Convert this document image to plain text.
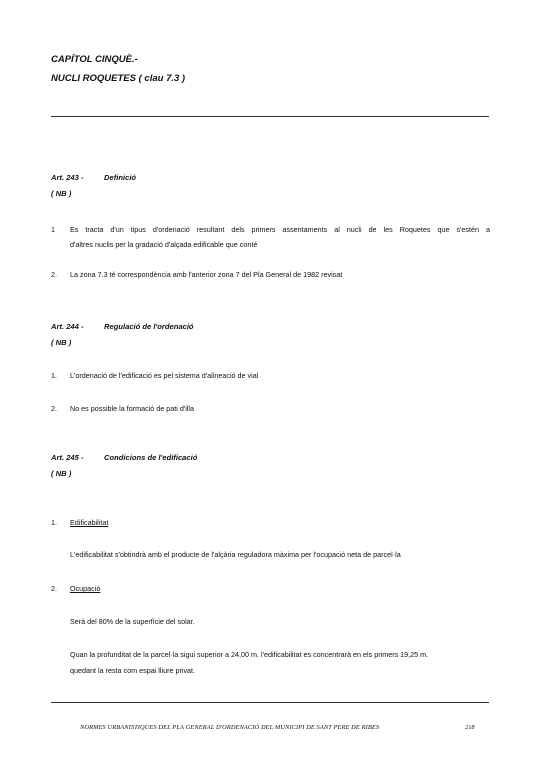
CAPÍTOL CINQUÈ.-
NUCLI ROQUETES ( clau 7.3 )
Art. 243 -	Definició
( NB )
1 Es tracta d'un tipus d'ordenació resultant dels primers assentaments al nucli de les Roquetes que s'estén a
d'altres nuclis per la gradació d'alçada edificable que conté
2. La zona 7.3 té correspondència amb l'anterior zona 7 del Pla General de 1982 revisat
Art. 244 -	Regulació de l'ordenació
( NB )
1. L'ordenació de l'edificació es pel sistema d'alineació de vial
2. No es possible la formació de pati d'illa
Art. 245 -	Condicions de l'edificació
( NB )
1. Edificabilitat
L'edificabilitat s'obtindrà amb el producte de l'alçària reguladora màxima per l'ocupació neta de parcel·la
2. Ocupació
Serà del 80% de la superfície del solar.
Quan la profunditat de la parcel·la sigui superior a 24,00 m. l'edificabilitat es concentrarà en els primers 19,25 m.
quedant la resta com espai lliure privat.
NORMES URBANISTIQUES DEL PLA GENERAL D'ORDENACIÓ DEL MUNICIPI DE SANT PERE DE RIBES	218
